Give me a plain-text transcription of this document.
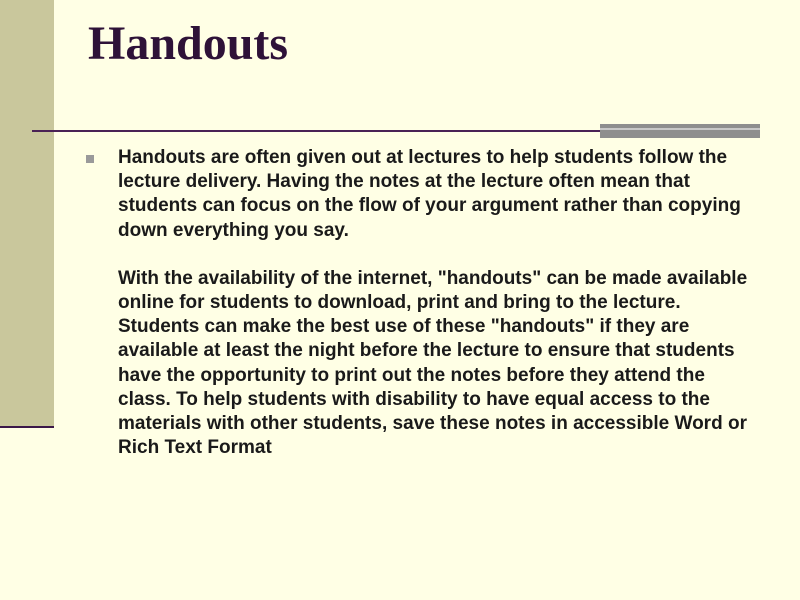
Handouts

Handouts are often given out at lectures to help students follow the lecture delivery. Having the notes at the lecture often mean that students can focus on the flow of your argument rather than copying down everything you say.

With the availability of the internet, "handouts" can be made available online for students to download, print and bring to the lecture. Students can make the best use of these "handouts" if they are available at least the night before the lecture to ensure that students have the opportunity to print out the notes before they attend the class. To help students with disability to have equal access to the materials with other students, save these notes in accessible Word or Rich Text Format
